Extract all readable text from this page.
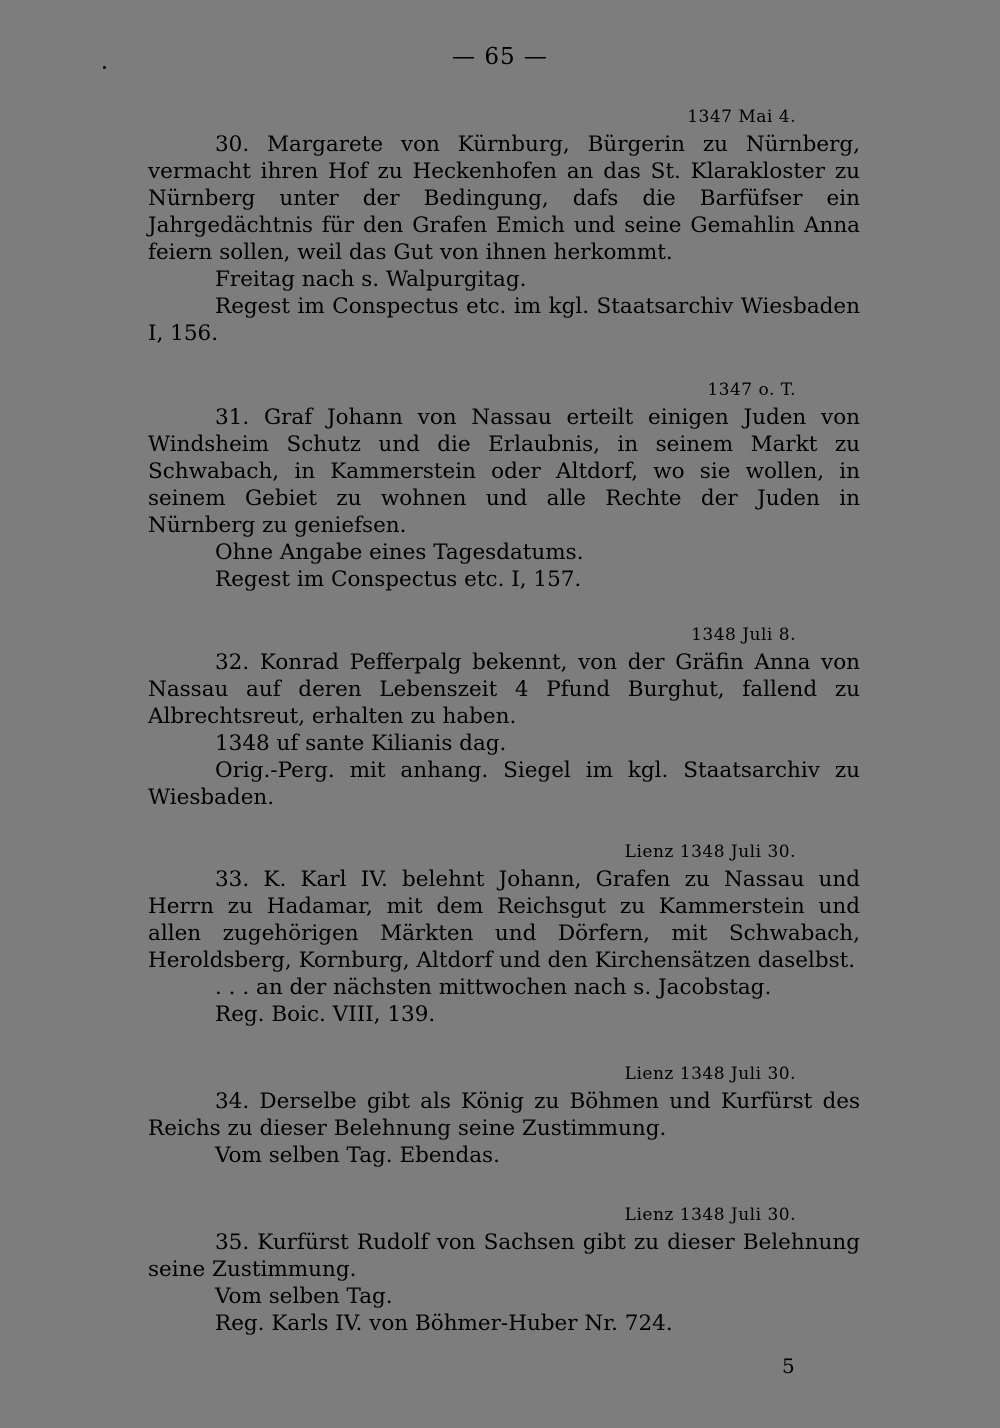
— 65 —
1347 Mai 4.
30. Margarete von Kürnburg, Bürgerin zu Nürnberg, vermacht ihren Hof zu Heckenhofen an das St. Klarakloster zu Nürnberg unter der Bedingung, dafs die Barfüfser ein Jahrgedächtnis für den Grafen Emich und seine Gemahlin Anna feiern sollen, weil das Gut von ihnen herkommt.
Freitag nach s. Walpurgitag.
Regest im Conspectus etc. im kgl. Staatsarchiv Wiesbaden I, 156.
1347 o. T.
31. Graf Johann von Nassau erteilt einigen Juden von Windsheim Schutz und die Erlaubnis, in seinem Markt zu Schwabach, in Kammerstein oder Altdorf, wo sie wollen, in seinem Gebiet zu wohnen und alle Rechte der Juden in Nürnberg zu geniefsen.
Ohne Angabe eines Tagesdatums.
Regest im Conspectus etc. I, 157.
1348 Juli 8.
32. Konrad Pefferpalg bekennt, von der Gräfin Anna von Nassau auf deren Lebenszeit 4 Pfund Burghut, fallend zu Albrechtsreut, erhalten zu haben.
1348 uf sante Kilianis dag.
Orig.-Perg. mit anhang. Siegel im kgl. Staatsarchiv zu Wiesbaden.
Lienz 1348 Juli 30.
33. K. Karl IV. belehnt Johann, Grafen zu Nassau und Herrn zu Hadamar, mit dem Reichsgut zu Kammerstein und allen zugehörigen Märkten und Dörfern, mit Schwabach, Heroldsberg, Kornburg, Altdorf und den Kirchensätzen daselbst.
. . . an der nächsten mittwochen nach s. Jacobstag.
Reg. Boic. VIII, 139.
Lienz 1348 Juli 30.
34. Derselbe gibt als König zu Böhmen und Kurfürst des Reichs zu dieser Belehnung seine Zustimmung.
Vom selben Tag. Ebendas.
Lienz 1348 Juli 30.
35. Kurfürst Rudolf von Sachsen gibt zu dieser Belehnung seine Zustimmung.
Vom selben Tag.
Reg. Karls IV. von Böhmer-Huber Nr. 724.
5
